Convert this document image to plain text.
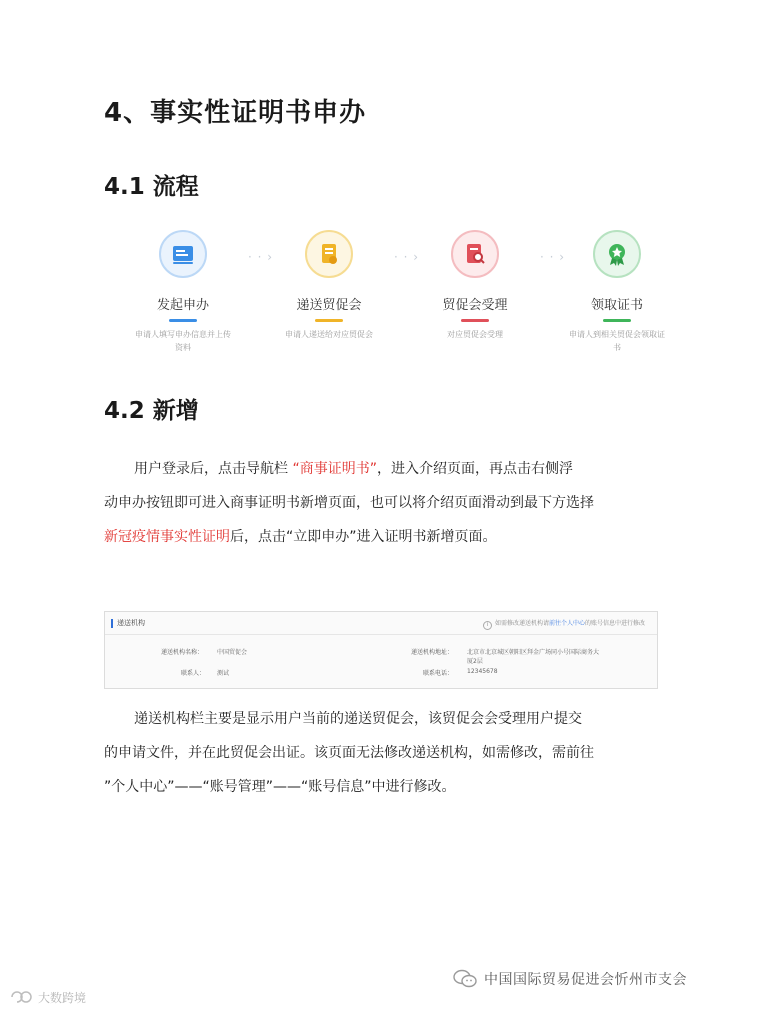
4、事实性证明书申办
4.1 流程
发起申办
申请人填写申办信息并上传资料
· · ›
递送贸促会
申请人递送给对应贸促会
· · ›
贸促会受理
对应贸促会受理
· · ›
领取证书
申请人到相关贸促会领取证书
4.2 新增
用户登录后，点击导航栏 “商事证明书”，进入介绍页面，再点击右侧浮
动申办按钮即可进入商事证明书新增页面，也可以将介绍页面滑动到最下方选择
新冠疫情事实性证明后，点击“立即申办”进入证明书新增页面。
递送机构	i 如需修改递送机构请前往个人中心的账号信息中进行修改
递送机构名称： 中国贸促会
联系人： 测试
递送机构地址： 北京市北京城区朝阳区拜金广场同小号国际商务大
厦2层
联系电话： 12345678
递送机构栏主要是显示用户当前的递送贸促会，该贸促会会受理用户提交
的申请文件，并在此贸促会出证。该页面无法修改递送机构，如需修改，需前往
”个人中心”——“账号管理”——“账号信息”中进行修改。
中国国际贸易促进会忻州市支会
大数跨境
